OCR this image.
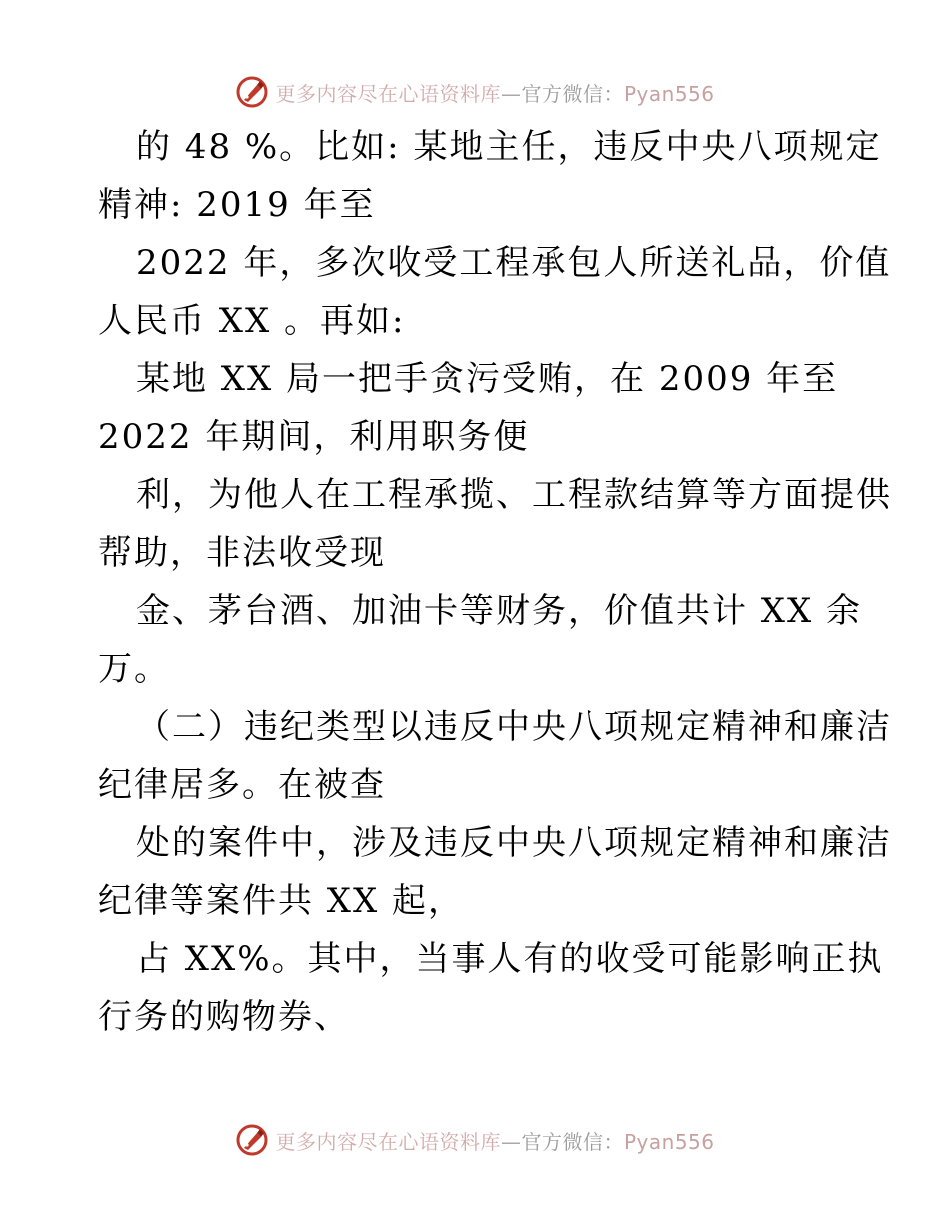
更多内容尽在心语资料库—官方微信：Pyan556
的 48 %。比如: 某地主任，违反中央八项规定
精神: 2019 年至
2022 年，多次收受工程承包人所送礼品，价值
人民币 XX 。再如:
某地 XX 局一把手贪污受贿，在 2009 年至
2022 年期间，利用职务便
利，为他人在工程承揽、工程款结算等方面提供
帮助，非法收受现
金、茅台酒、加油卡等财务，价值共计 XX 余
万。
（二）违纪类型以违反中央八项规定精神和廉洁
纪律居多。在被查
处的案件中，涉及违反中央八项规定精神和廉洁
纪律等案件共 XX 起，
占 XX%。其中，当事人有的收受可能影响正执
行务的购物券、
更多内容尽在心语资料库—官方微信：Pyan556
